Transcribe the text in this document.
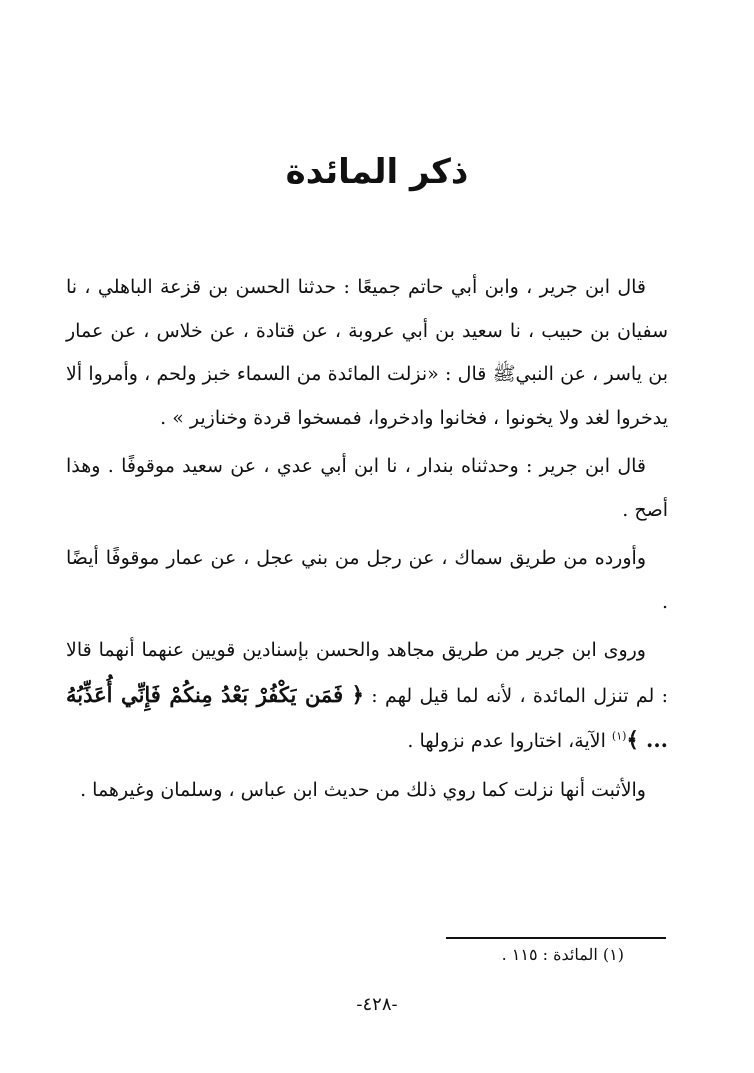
ذكر المائدة

قال ابن جرير ، وابن أبي حاتم جميعًا : حدثنا الحسن بن قزعة الباهلي ، نا سفيان بن حبيب ، نا سعيد بن أبي عروبة ، عن قتادة ، عن خلاس ، عن عمار بن ياسر ، عن النبيﷺ قال : «نزلت المائدة من السماء خبز ولحم ، وأمروا ألا يدخروا لغد ولا يخونوا ، فخانوا وادخروا، فمسخوا قردة وخنازير » .

قال ابن جرير : وحدثناه بندار ، نا ابن أبي عدي ، عن سعيد موقوفًا . وهذا أصح .

وأورده من طريق سماك ، عن رجل من بني عجل ، عن عمار موقوفًا أيضًا .

وروى ابن جرير من طريق مجاهد والحسن بإسنادين قويين عنهما أنهما قالا : لم تنزل المائدة ، لأنه لما قيل لهم : ﴿ فَمَن يَكْفُرْ بَعْدُ مِنكُمْ فَإِنِّي أُعَذِّبُهُ ... ﴾$^{(١)}$ الآية، اختاروا عدم نزولها .

والأثبت أنها نزلت كما روي ذلك من حديث ابن عباس ، وسلمان وغيرهما .

(١) المائدة : ١١٥ .
-٤٢٨-
